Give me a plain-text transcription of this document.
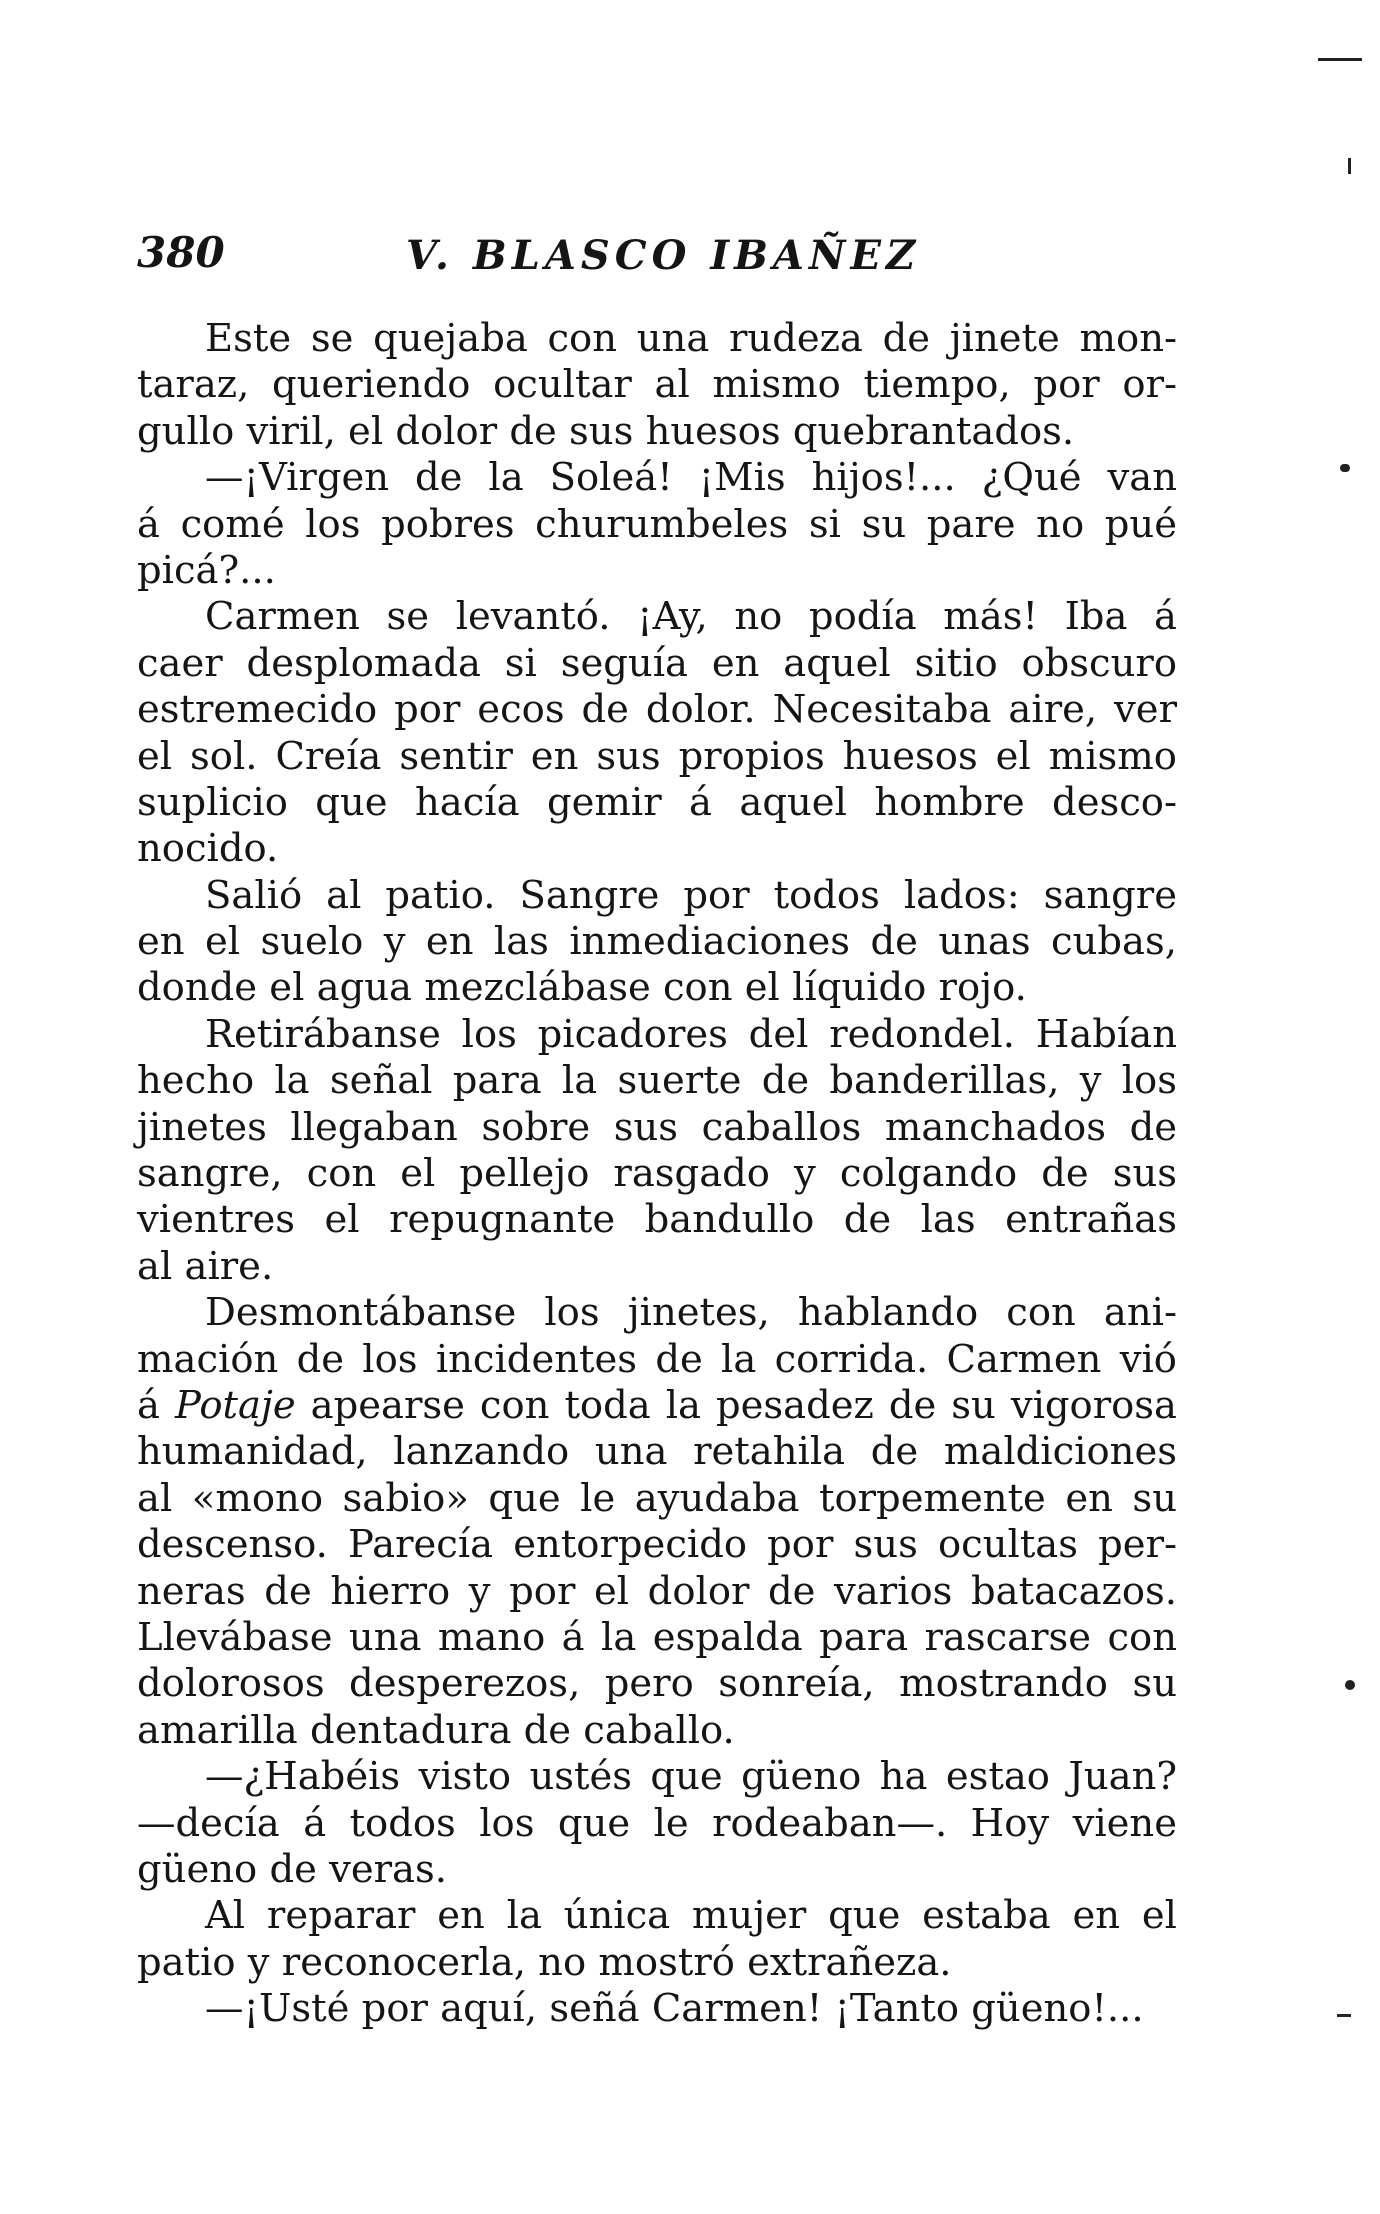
380	V. BLASCO IBAÑEZ
Este se quejaba con una rudeza de jinete mon-
taraz, queriendo ocultar al mismo tiempo, por or-
gullo viril, el dolor de sus huesos quebrantados.
—¡Virgen de la Soleá! ¡Mis hijos!... ¿Qué van
á comé los pobres churumbeles si su pare no pué
picá?...
Carmen se levantó. ¡Ay, no podía más! Iba á
caer desplomada si seguía en aquel sitio obscuro
estremecido por ecos de dolor. Necesitaba aire, ver
el sol. Creía sentir en sus propios huesos el mismo
suplicio que hacía gemir á aquel hombre desco-
nocido.
Salió al patio. Sangre por todos lados: sangre
en el suelo y en las inmediaciones de unas cubas,
donde el agua mezclábase con el líquido rojo.
Retirábanse los picadores del redondel. Habían
hecho la señal para la suerte de banderillas, y los
jinetes llegaban sobre sus caballos manchados de
sangre, con el pellejo rasgado y colgando de sus
vientres el repugnante bandullo de las entrañas
al aire.
Desmontábanse los jinetes, hablando con ani-
mación de los incidentes de la corrida. Carmen vió
á Potaje apearse con toda la pesadez de su vigorosa
humanidad, lanzando una retahila de maldiciones
al «mono sabio» que le ayudaba torpemente en su
descenso. Parecía entorpecido por sus ocultas per-
neras de hierro y por el dolor de varios batacazos.
Llevábase una mano á la espalda para rascarse con
dolorosos desperezos, pero sonreía, mostrando su
amarilla dentadura de caballo.
—¿Habéis visto ustés que güeno ha estao Juan?
—decía á todos los que le rodeaban—. Hoy viene
güeno de veras.
Al reparar en la única mujer que estaba en el
patio y reconocerla, no mostró extrañeza.
—¡Usté por aquí, señá Carmen! ¡Tanto güeno!...
